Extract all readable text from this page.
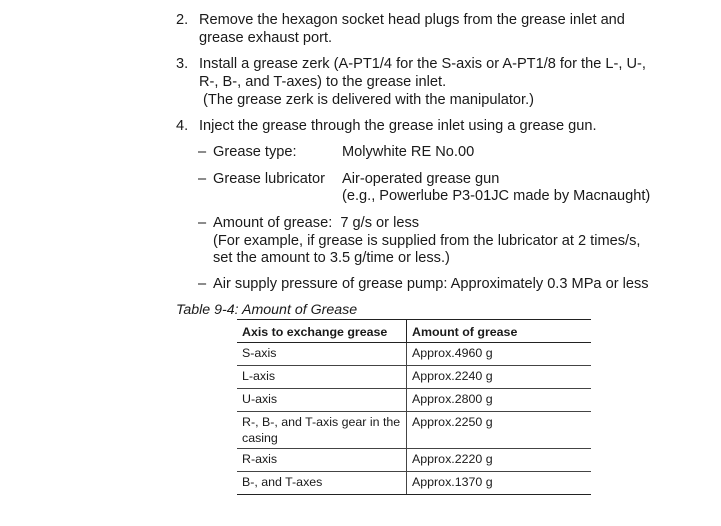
2. Remove the hexagon socket head plugs from the grease inlet and
grease exhaust port.
3. Install a grease zerk (A-PT1/4 for the S-axis or A-PT1/8 for the L-, U-,
R-, B-, and T-axes) to the grease inlet.
(The grease zerk is delivered with the manipulator.)
4. Inject the grease through the grease inlet using a grease gun.
– Grease type:	Molywhite RE No.00
– Grease lubricator Air-operated grease gun
(e.g., Powerlube P3-01JC made by Macnaught)
– Amount of grease:  7 g/s or less
(For example, if grease is supplied from the lubricator at 2 times/s,
set the amount to 3.5 g/time or less.)
– Air supply pressure of grease pump: Approximately 0.3 MPa or less
Table 9-4: Amount of Grease
Axis to exchange grease	Amount of grease
S-axis	Approx.4960 g
L-axis	Approx.2240 g
U-axis	Approx.2800 g
R-, B-, and T-axis gear in the casing	Approx.2250 g
R-axis	Approx.2220 g
B-, and T-axes	Approx.1370 g
